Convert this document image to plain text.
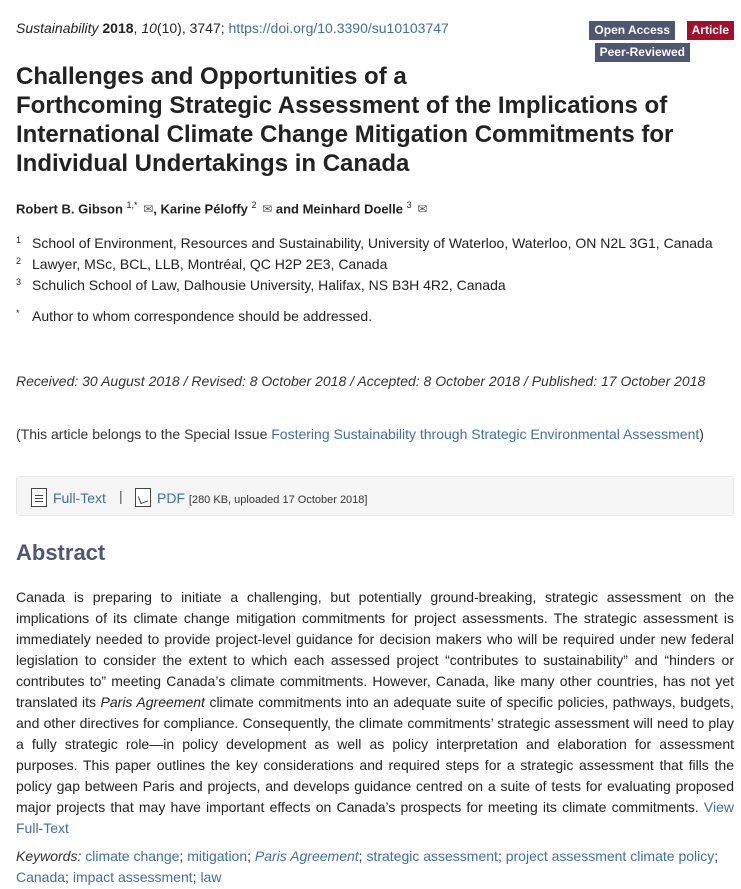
Sustainability 2018, 10(10), 3747; https://doi.org/10.3390/su10103747	Open Access	Article
Peer-Reviewed
Challenges and Opportunities of a
Forthcoming Strategic Assessment of the Implications of
International Climate Change Mitigation Commitments for
Individual Undertakings in Canada
Robert B. Gibson $^{1,*}$ ✉, Karine Péloffy $^2$ ✉ and Meinhard Doelle $^3$ ✉
1 School of Environment, Resources and Sustainability, University of Waterloo, Waterloo, ON N2L 3G1, Canada
2 Lawyer, MSc, BCL, LLB, Montréal, QC H2P 2E3, Canada
3 Schulich School of Law, Dalhousie University, Halifax, NS B3H 4R2, Canada
* Author to whom correspondence should be addressed.
Received: 30 August 2018 / Revised: 8 October 2018 / Accepted: 8 October 2018 / Published: 17 October 2018
(This article belongs to the Special Issue Fostering Sustainability through Strategic Environmental Assessment)
Full-Text |	PDF [280 KB, uploaded 17 October 2018]
Abstract

Canada is preparing to initiate a challenging, but potentially ground-breaking, strategic assessment on the implications of its climate change mitigation commitments for project assessments. The strategic assessment is immediately needed to provide project-level guidance for decision makers who will be required under new federal legislation to consider the extent to which each assessed project “contributes to sustainability” and “hinders or contributes to” meeting Canada’s climate commitments. However, Canada, like many other countries, has not yet translated its Paris Agreement climate commitments into an adequate suite of specific policies, pathways, budgets, and other directives for compliance. Consequently, the climate commitments’ strategic assessment will need to play a fully strategic role—in policy development as well as policy interpretation and elaboration for assessment purposes. This paper outlines the key considerations and required steps for a strategic assessment that fills the policy gap between Paris and projects, and develops guidance centred on a suite of tests for evaluating proposed major projects that may have important effects on Canada’s prospects for meeting its climate commitments. View Full-Text

Keywords: climate change; mitigation; Paris Agreement; strategic assessment; project assessment climate policy; Canada; impact assessment; law
